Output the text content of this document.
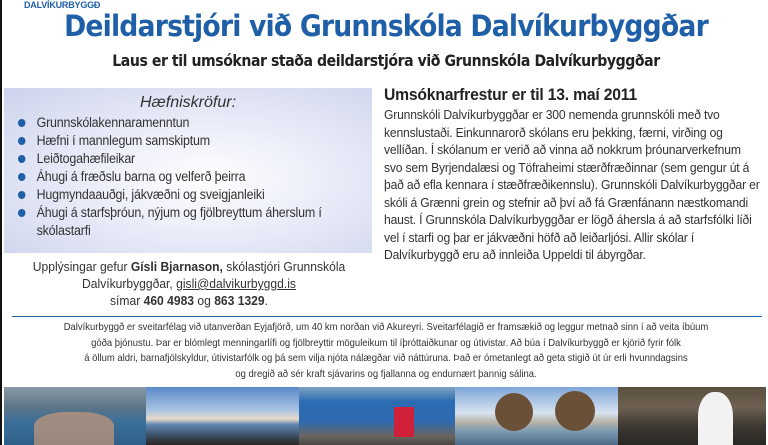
DALVÍKURBYGGÐ
Deildarstjóri við Grunnskóla Dalvíkurbyggðar
Laus er til umsóknar staða deildarstjóra við Grunnskóla Dalvíkurbyggðar
Hæfniskröfur:
Grunnskólakennaramenntun
Hæfni í mannlegum samskiptum
Leiðtogahæfileikar
Áhugi á fræðslu barna og velferð þeirra
Hugmyndaauðgi, jákvæðni og sveigjanleiki
Áhugi á starfsþróun, nýjum og fjölbreyttum áherslum í skólastarfi
Upplýsingar gefur Gísli Bjarnason, skólastjóri Grunnskóla
Dalvíkurbyggðar, gisli@dalvikurbyggd.is
símar 460 4983 og 863 1329.
Umsóknarfrestur er til 13. maí 2011

Grunnskóli Dalvíkurbyggðar er 300 nemenda grunnskóli með tvo kennslustaði. Einkunnarorð skólans eru þekking, færni, virðing og vellíðan. Í skólanum er verið að vinna að nokkrum þróunarverkefnum svo sem Byrjendalæsi og Töfraheimi stærðfræðinnar (sem gengur út á það að efla kennara í stæðfræðikennslu). Grunnskóli Dalvíkurbyggðar er skóli á Grænni grein og stefnir að því að fá Grænfánann næstkomandi haust. Í Grunnskóla Dalvíkurbyggðar er lögð áhersla á að starfsfólki líði vel í starfi og þar er jákvæðni höfð að leiðarljósi. Allir skólar í Dalvíkurbyggð eru að innleiða Uppeldi til ábyrgðar.

Dalvíkurbyggð er sveitarfélag við utanverðan Eyjafjörð, um 40 km norðan við Akureyri. Sveitarfélagið er framsækið og leggur metnað sinn í að veita íbúum

góða þjónustu. Þar er blómlegt menningarlífi og fjölbreyttir möguleikum til íþróttaiðkunar og útivistar. Að búa í Dalvíkurbyggð er kjörið fyrir fólk

á öllum aldri, barnafjölskyldur, útivistarfólk og þá sem vilja njóta nálægðar við náttúruna. Það er ómetanlegt að geta stigið út úr erli hvunndagsins

og dregið að sér kraft sjávarins og fjallanna og endurnært þannig sálina.
